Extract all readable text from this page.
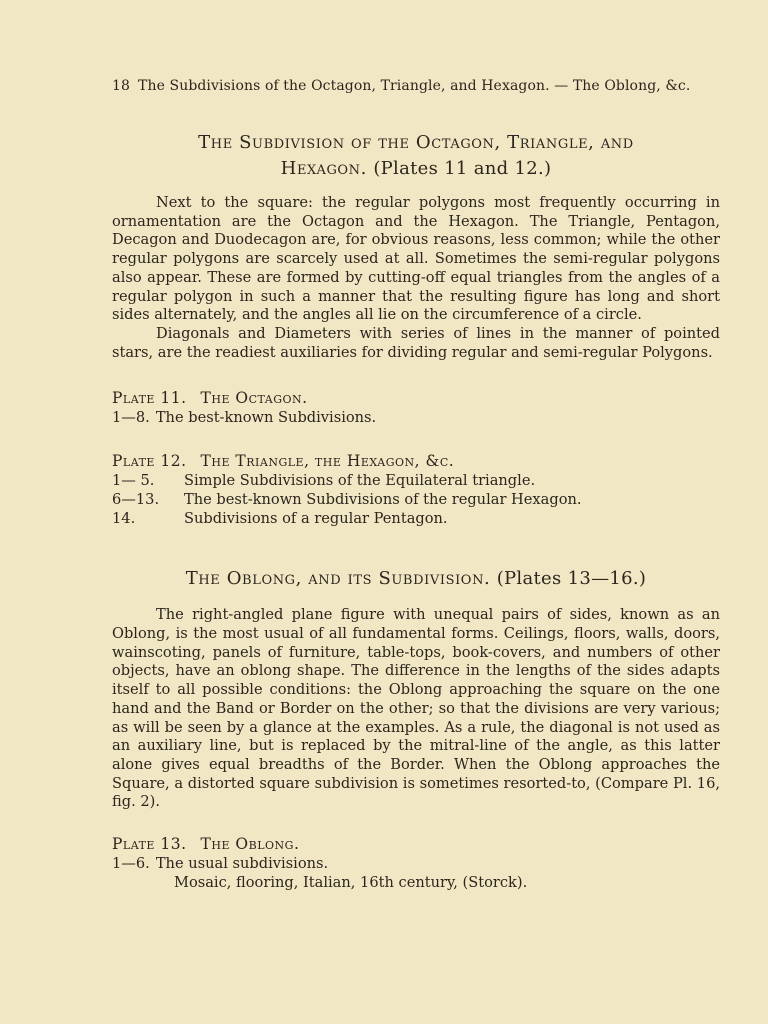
18 The Subdivisions of the Octagon, Triangle, and Hexagon. — The Oblong, &c.
The Subdivision of the Octagon, Triangle, and
Hexagon. (Plates 11 and 12.)

Next to the square: the regular polygons most frequently occurring in ornamentation are the Octagon and the Hexagon. The Triangle, Pentagon, Decagon and Duodecagon are, for obvious reasons, less common; while the other regular polygons are scarcely used at all. Sometimes the semi-regular polygons also appear. These are formed by cutting-off equal triangles from the angles of a regular polygon in such a manner that the resulting figure has long and short sides alternately, and the angles all lie on the circumference of a circle.

Diagonals and Diameters with series of lines in the manner of pointed stars, are the readiest auxiliaries for dividing regular and semi-regular Polygons.

Plate 11. The Octagon.
1—8. The best-known Subdivisions.
Plate 12. The Triangle, the Hexagon, &c.
1— 5.	Simple Subdivisions of the Equilateral triangle.
6—13.	The best-known Subdivisions of the regular Hexagon.
14.	Subdivisions of a regular Pentagon.
The Oblong, and its Subdivision. (Plates 13—16.)

The right-angled plane figure with unequal pairs of sides, known as an Oblong, is the most usual of all fundamental forms. Ceilings, floors, walls, doors, wainscoting, panels of furniture, table-tops, book-covers, and numbers of other objects, have an oblong shape. The difference in the lengths of the sides adapts itself to all possible conditions: the Oblong approaching the square on the one hand and the Band or Border on the other; so that the divisions are very various; as will be seen by a glance at the examples. As a rule, the diagonal is not used as an auxiliary line, but is replaced by the mitral-line of the angle, as this latter alone gives equal breadths of the Border. When the Oblong approaches the Square, a distorted square subdivision is sometimes resorted-to, (Compare Pl. 16, fig. 2).

Plate 13. The Oblong.
1—6. The usual subdivisions.
Mosaic, flooring, Italian, 16th century, (Storck).
